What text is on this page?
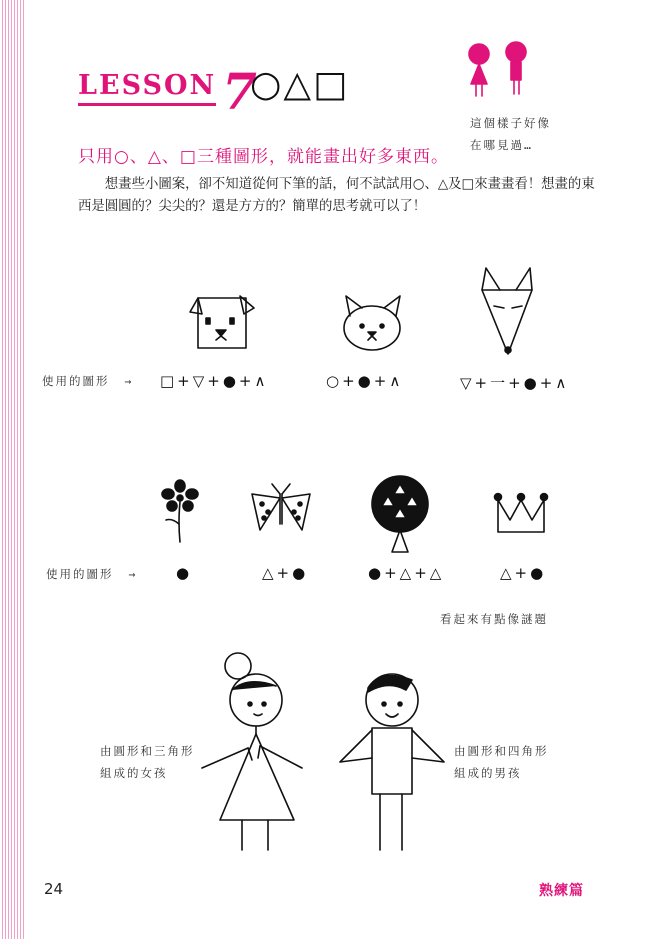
LESSON 7
○△□
這個樣子好像
在哪見過…
只用○、△、□三種圖形，就能畫出好多東西。

想畫些小圖案，卻不知道從何下筆的話，何不試試用○、△及□來畫畫看！想畫的東西是圓圓的？尖尖的？還是方方的？簡單的思考就可以了！

使用的圖形 → □+▽+●+∧	○+●+∧	▽+一+●+∧
使用的圖形 →	●	△+●	●+△+△	△+●
看起來有點像謎題
由圓形和三角形
組成的女孩
由圓形和四角形
組成的男孩
24	熟練篇
